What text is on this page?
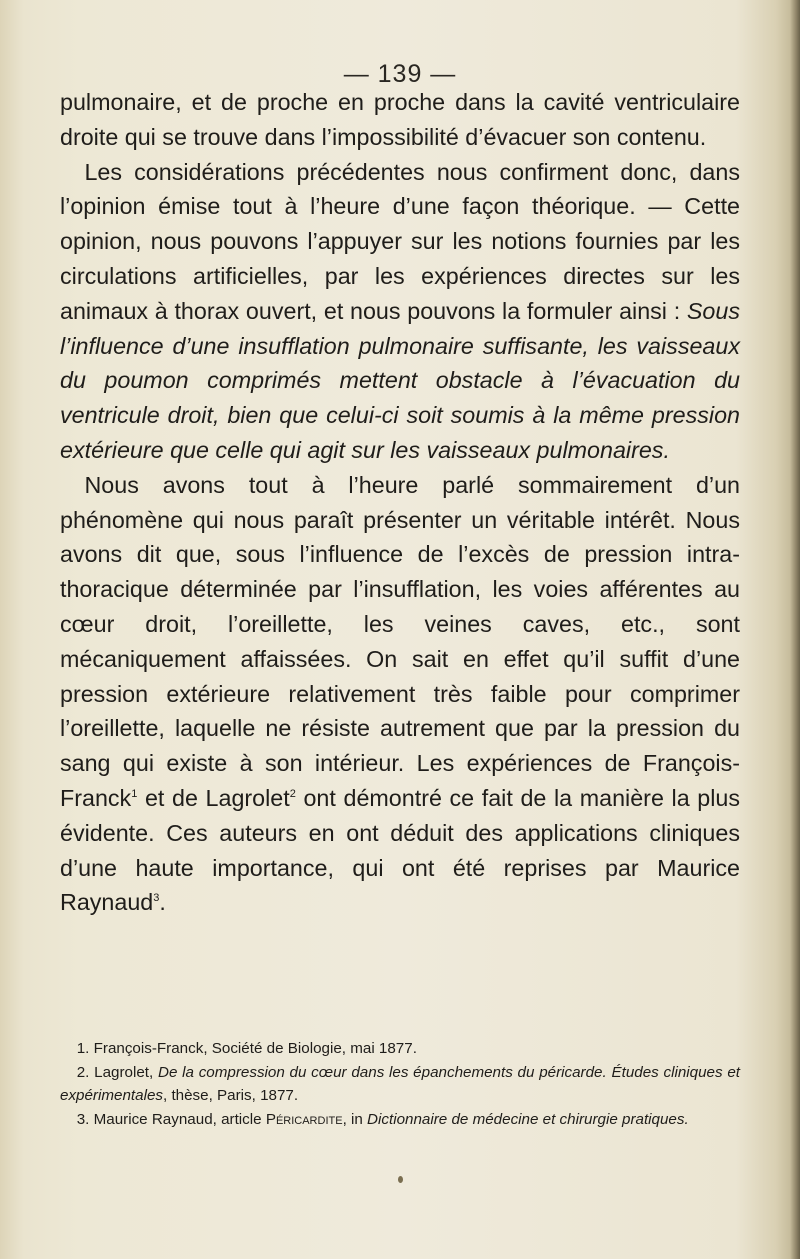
— 139 —

pulmonaire, et de proche en proche dans la cavité ventriculaire droite qui se trouve dans l’impossibilité d’évacuer son contenu.

Les considérations précédentes nous confirment donc, dans l’opinion émise tout à l’heure d’une façon théorique. — Cette opinion, nous pouvons l’appuyer sur les notions fournies par les circulations artificielles, par les expériences directes sur les animaux à thorax ouvert, et nous pouvons la formuler ainsi : Sous l’influence d’une insufflation pulmonaire suffisante, les vaisseaux du poumon comprimés mettent obstacle à l’évacuation du ventricule droit, bien que celui-ci soit soumis à la même pression extérieure que celle qui agit sur les vaisseaux pulmonaires.

Nous avons tout à l’heure parlé sommairement d’un phénomène qui nous paraît présenter un véritable intérêt. Nous avons dit que, sous l’influence de l’excès de pression intra-thoracique déterminée par l’insufflation, les voies afférentes au cœur droit, l’oreillette, les veines caves, etc., sont mécaniquement affaissées. On sait en effet qu’il suffit d’une pression extérieure relativement très faible pour comprimer l’oreillette, laquelle ne résiste autrement que par la pression du sang qui existe à son intérieur. Les expériences de François-Franck$^1$ et de Lagrolet$^2$ ont démontré ce fait de la manière la plus évidente. Ces auteurs en ont déduit des applications cliniques d’une haute importance, qui ont été reprises par Maurice Raynaud$^3$.

1. François-Franck, Société de Biologie, mai 1877.

2. Lagrolet, De la compression du cœur dans les épanchements du péricarde. Études cliniques et expérimentales, thèse, Paris, 1877.

3. Maurice Raynaud, article Péricardite, in Dictionnaire de médecine et chirurgie pratiques.
